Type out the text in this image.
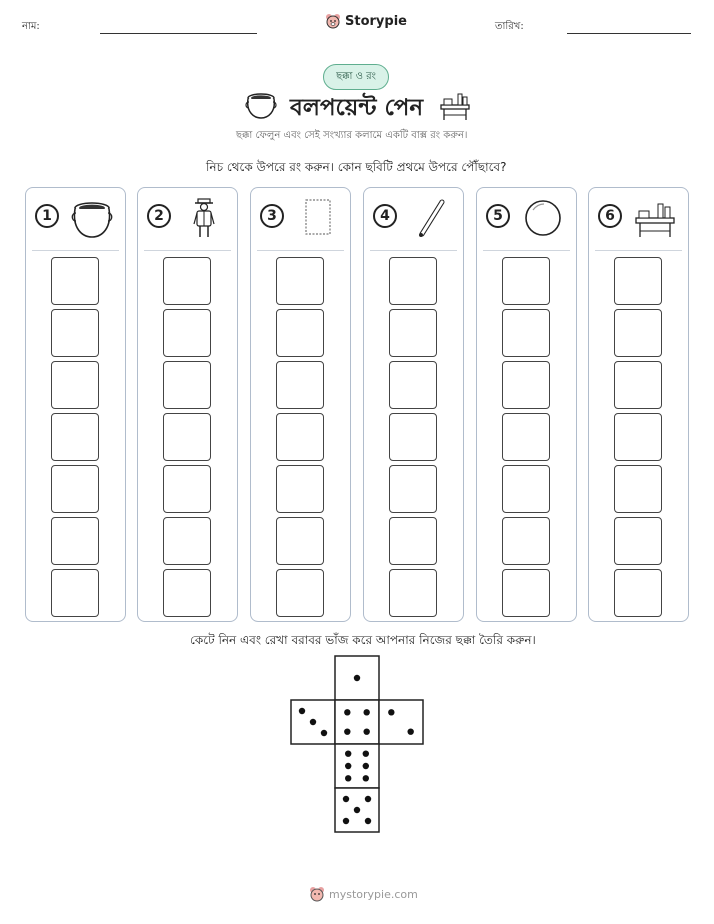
নাম:	Storypie	তারিখ:
ছক্কা ও রং
বলপয়েন্ট পেন
ছক্কা ফেলুন এবং সেই সংখ্যার কলামে একটি বাক্স রং করুন।
নিচ থেকে উপরে রং করুন। কোন ছবিটি প্রথমে উপরে পৌঁছাবে?
1	2	3	4	5	6
কেটে নিন এবং রেখা বরাবর ভাঁজ করে আপনার নিজের ছক্কা তৈরি করুন।
mystorypie.com
